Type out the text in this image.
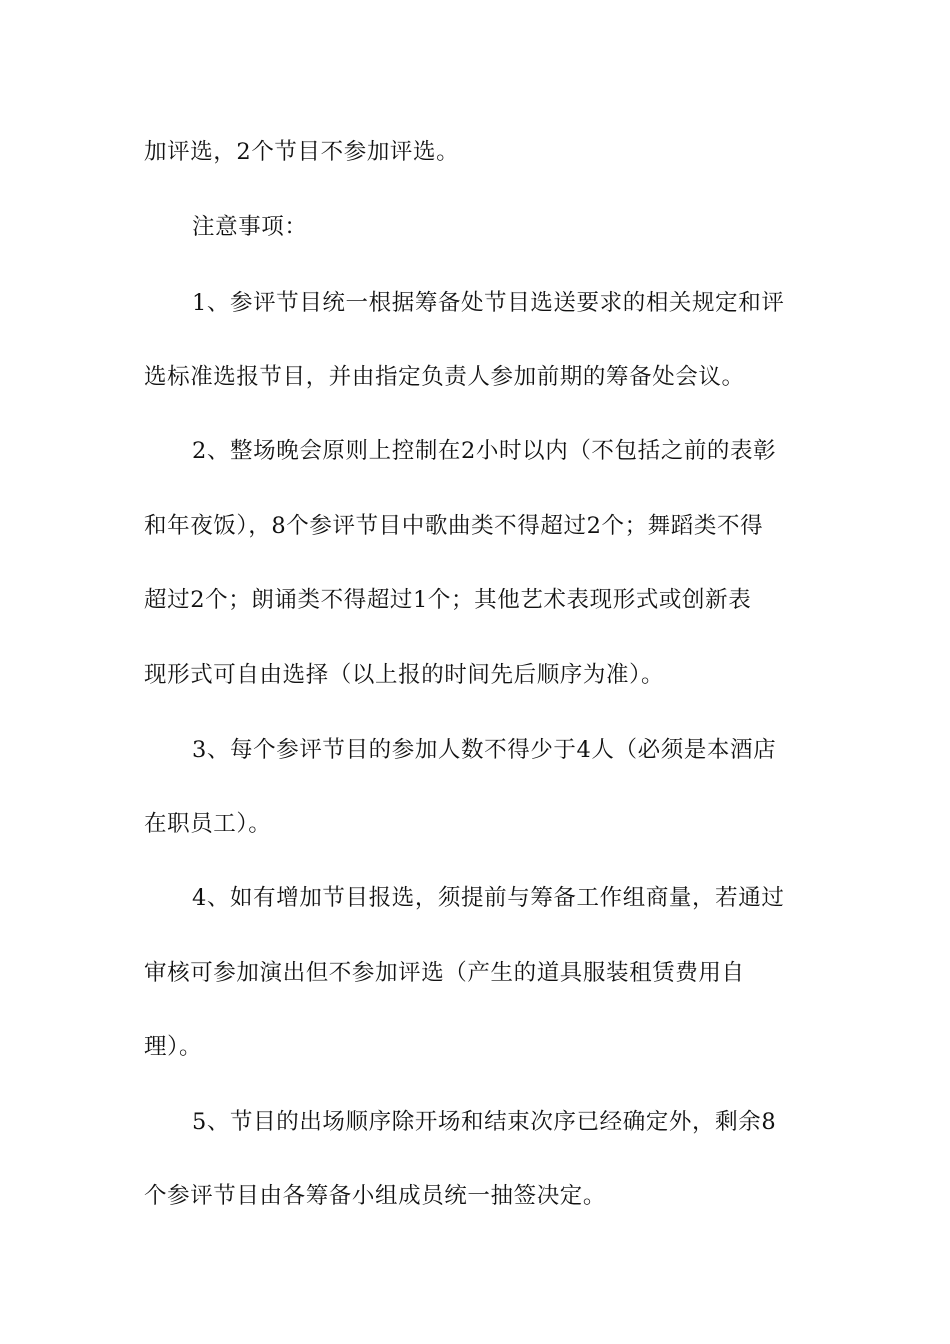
加评选，2个节目不参加评选。
注意事项：
1、参评节目统一根据筹备处节目选送要求的相关规定和评
选标准选报节目，并由指定负责人参加前期的筹备处会议。
2、整场晚会原则上控制在2小时以内（不包括之前的表彰
和年夜饭），8个参评节目中歌曲类不得超过2个；舞蹈类不得
超过2个；朗诵类不得超过1个；其他艺术表现形式或创新表
现形式可自由选择（以上报的时间先后顺序为准）。
3、每个参评节目的参加人数不得少于4人（必须是本酒店
在职员工）。
4、如有增加节目报选，须提前与筹备工作组商量，若通过
审核可参加演出但不参加评选（产生的道具服装租赁费用自
理）。
5、节目的出场顺序除开场和结束次序已经确定外，剩余8
个参评节目由各筹备小组成员统一抽签决定。
